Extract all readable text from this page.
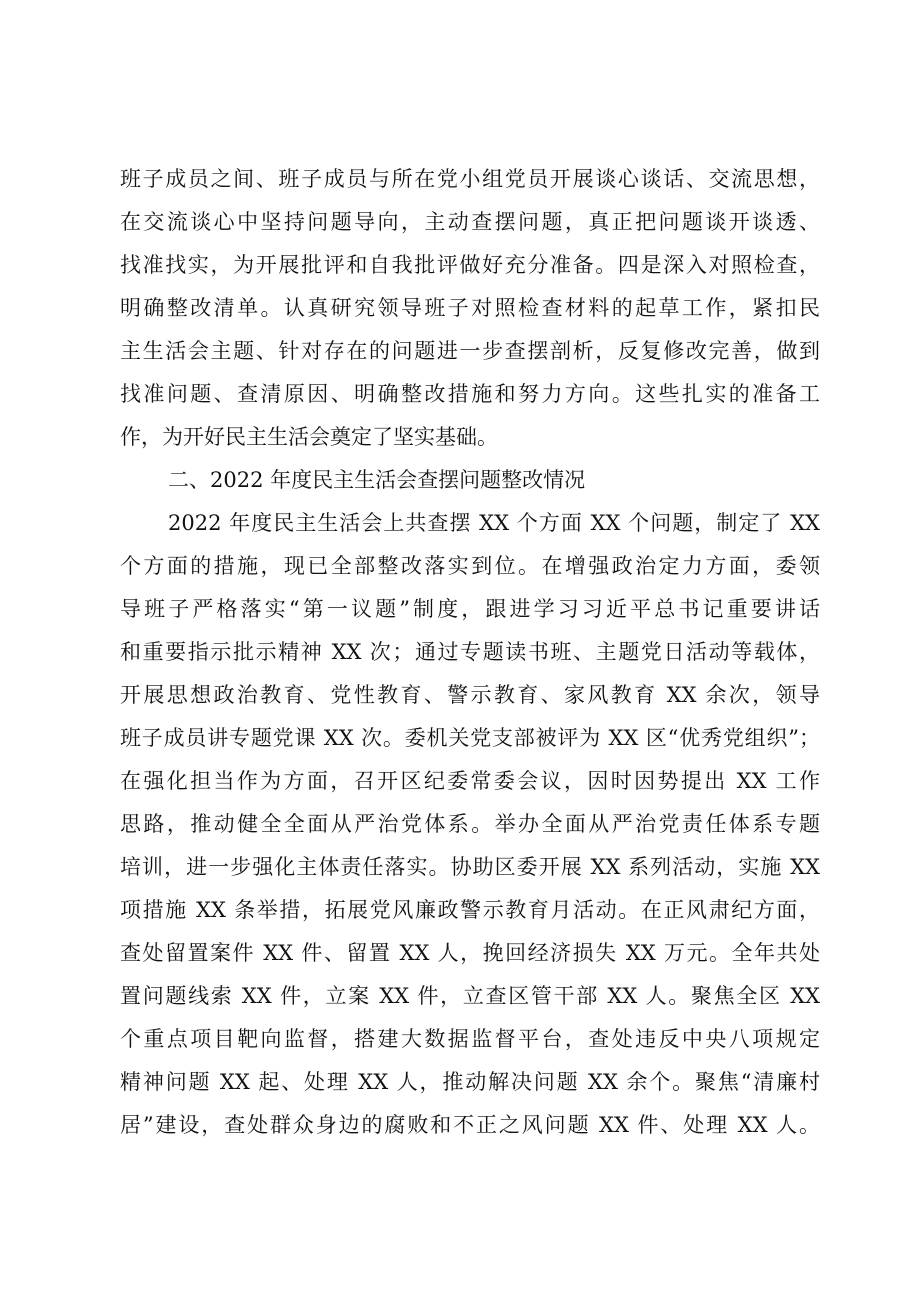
班子成员之间、班子成员与所在党小组党员开展谈心谈话、交流思想，
在交流谈心中坚持问题导向，主动查摆问题，真正把问题谈开谈透、
找准找实，为开展批评和自我批评做好充分准备。四是深入对照检查，
明确整改清单。认真研究领导班子对照检查材料的起草工作，紧扣民
主生活会主题、针对存在的问题进一步查摆剖析，反复修改完善，做到
找准问题、查清原因、明确整改措施和努力方向。这些扎实的准备工
作，为开好民主生活会奠定了坚实基础。
二、2022 年度民主生活会查摆问题整改情况
2022 年度民主生活会上共查摆 XX 个方面 XX 个问题，制定了 XX
个方面的措施，现已全部整改落实到位。在增强政治定力方面，委领
导班子严格落实“第一议题”制度，跟进学习习近平总书记重要讲话
和重要指示批示精神 XX 次；通过专题读书班、主题党日活动等载体，
开展思想政治教育、党性教育、警示教育、家风教育 XX 余次，领导
班子成员讲专题党课 XX 次。委机关党支部被评为 XX 区“优秀党组织”；
在强化担当作为方面，召开区纪委常委会议，因时因势提出 XX 工作
思路，推动健全全面从严治党体系。举办全面从严治党责任体系专题
培训，进一步强化主体责任落实。协助区委开展 XX 系列活动，实施 XX
项措施 XX 条举措，拓展党风廉政警示教育月活动。在正风肃纪方面，
查处留置案件 XX 件、留置 XX 人，挽回经济损失 XX 万元。全年共处
置问题线索 XX 件，立案 XX 件，立查区管干部 XX 人。聚焦全区 XX
个重点项目靶向监督，搭建大数据监督平台，查处违反中央八项规定
精神问题 XX 起、处理 XX 人，推动解决问题 XX 余个。聚焦“清廉村
居”建设，查处群众身边的腐败和不正之风问题 XX 件、处理 XX 人。
